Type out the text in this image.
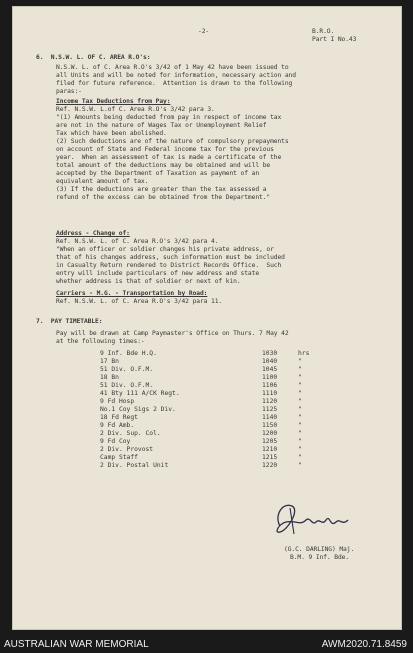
-2-	B.R.O.
Part I No.43
6.  N.S.W. L. OF C. AREA R.O's:
N.S.W. L. of C. Area R.O's 3/42 of 1 May 42 have been issued to
all Units and will be noted for information, necessary action and
filed for future reference.  Attention is drawn to the following
paras:-
Income Tax Deductions from Pay:
Ref. N.S.W. L.of C. Area R.O's 3/42 para 3.
"(1) Amounts being deducted from pay in respect of income tax
are not in the nature of Wages Tax or Unemployment Relief
Tax which have been abolished.
(2) Such deductions are of the nature of compulsory prepayments
on account of State and Federal income tax for the previous
year.  When an assessment of tax is made a certificate of the
total amount of the deductions may be obtained and will be
accepted by the Department of Taxation as payment of an
equivalent amount of tax.
(3) If the deductions are greater than the tax assessed a
refund of the excess can be obtained from the Department."
Address - Change of:
Ref. N.S.W. L. of C. Area R.O's 3/42 para 4.
"When an officer or soldier changes his private address, or
that of his changes address, such information must be included
in Casualty Return rendered to District Records Office.  Such
entry will include particulars of new address and state
whether address is that of soldier or next of kin.
Carriers - M.G. - Transportation by Road:
Ref. N.S.W. L. of C. Area R.O's 3/42 para 11.
7.  PAY TIMETABLE:
Pay will be drawn at Camp Paymaster's Office on Thurs. 7 May 42
at the following times:-
9 Inf. Bde H.Q.	1030	hrs
17 Bn	1040	"
51 Div. O.F.M.	1045	"
18 Bn	1100	"
51 Div. O.F.M.	1106	"
41 Bty 111 A/CK Regt.	1110	"
9 Fd Hosp	1120	"
No.1 Coy Sigs 2 Div.	1125	"
18 Fd Regt	1140	"
9 Fd Amb.	1150	"
2 Div. Sup. Col.	1200	"
9 Fd Coy	1205	"
2 Div. Provost	1210	"
Camp Staff	1215	"
2 Div. Postal Unit	1220	"
(G.C. DARLING) Maj.
B.M. 9 Inf. Bde.
AUSTRALIAN WAR MEMORIAL	AWM2020.71.8459
